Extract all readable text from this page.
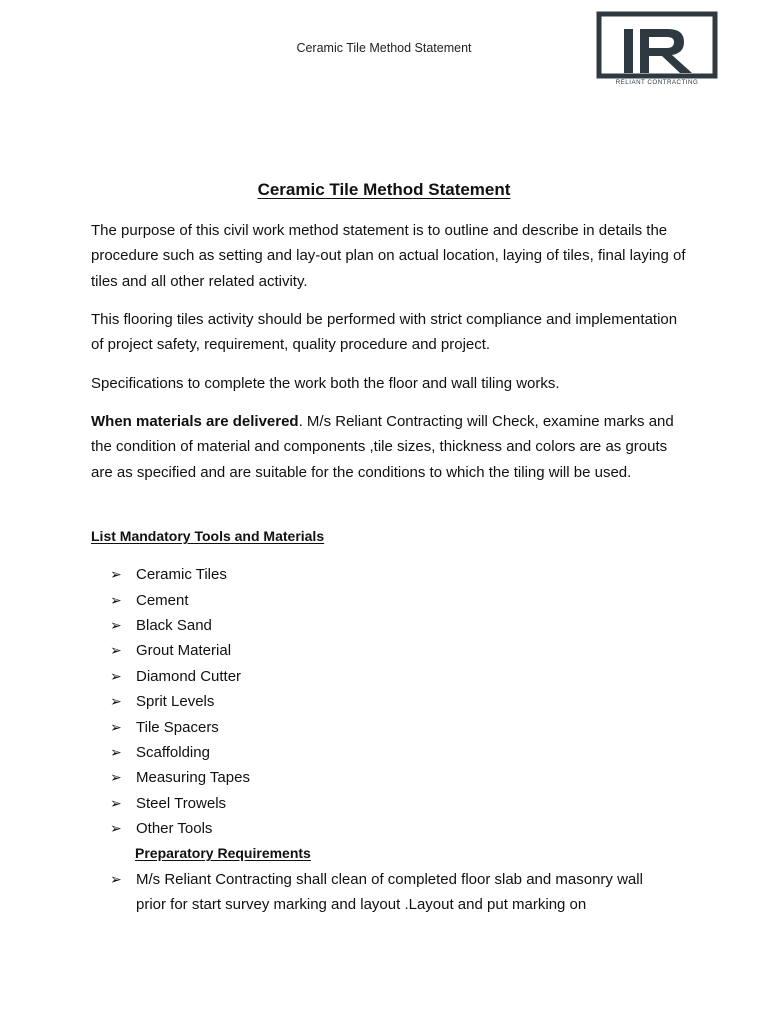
Ceramic Tile Method Statement
RELIANT CONTRACTING
Ceramic Tile Method Statement

The purpose of this civil work method statement is to outline and describe in details the procedure such as setting and lay-out plan on actual location, laying of tiles, final laying of tiles and all other related activity.

This flooring tiles activity should be performed with strict compliance and implementation of project safety, requirement, quality procedure and project.

Specifications to complete the work both the floor and wall tiling works.

When materials are delivered. M/s Reliant Contracting will Check, examine marks and the condition of material and components ,tile sizes, thickness and colors are as grouts are as specified and are suitable for the conditions to which the tiling will be used.

List Mandatory Tools and Materials

➢ Ceramic Tiles
➢ Cement
➢ Black Sand
➢ Grout Material
➢ Diamond Cutter
➢ Sprit Levels
➢ Tile Spacers
➢ Scaffolding
➢ Measuring Tapes
➢ Steel Trowels
➢ Other Tools

Preparatory Requirements

➢ M/s Reliant Contracting shall clean of completed floor slab and masonry wall prior for start survey marking and layout .Layout and put marking on
